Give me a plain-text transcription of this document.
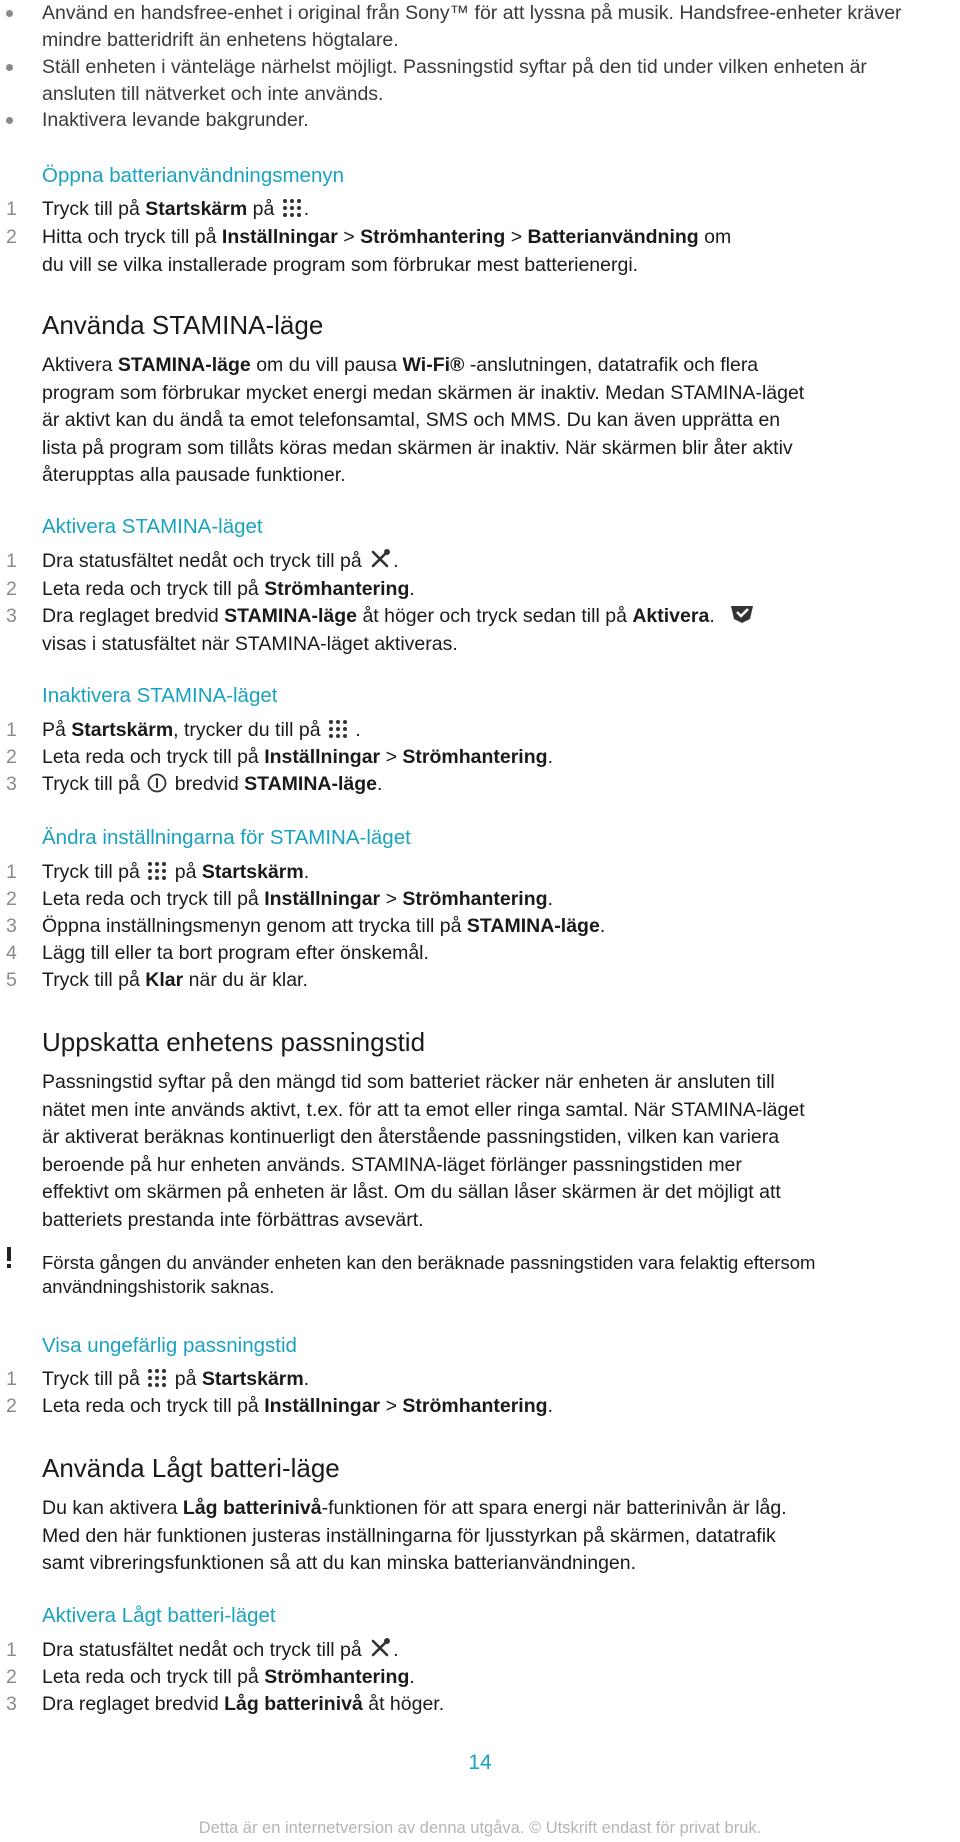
Använd en handsfree-enhet i original från Sony™ för att lyssna på musik. Handsfree-enheter kräver mindre batteridrift än enhetens högtalare.
Ställ enheten i vänteläge närhelst möjligt. Passningstid syftar på den tid under vilken enheten är ansluten till nätverket och inte används.
Inaktivera levande bakgrunder.
Öppna batterianvändningsmenyn
1 Tryck till på Startskärm på .
2 Hitta och tryck till på Inställningar > Strömhantering > Batterianvändning om
du vill se vilka installerade program som förbrukar mest batterienergi.
Använda STAMINA-läge
Aktivera STAMINA-läge om du vill pausa Wi-Fi® -anslutningen, datatrafik och flera
program som förbrukar mycket energi medan skärmen är inaktiv. Medan STAMINA-läget
är aktivt kan du ändå ta emot telefonsamtal, SMS och MMS. Du kan även upprätta en
lista på program som tillåts köras medan skärmen är inaktiv. När skärmen blir åter aktiv
återupptas alla pausade funktioner.
Aktivera STAMINA-läget
1 Dra statusfältet nedåt och tryck till på .
2 Leta reda och tryck till på Strömhantering.
3 Dra reglaget bredvid STAMINA-läge åt höger och tryck sedan till på Aktivera.
visas i statusfältet när STAMINA-läget aktiveras.
Inaktivera STAMINA-läget
1 På Startskärm, trycker du till på .
2 Leta reda och tryck till på Inställningar > Strömhantering.
3 Tryck till på bredvid STAMINA-läge.
Ändra inställningarna för STAMINA-läget
1 Tryck till på på Startskärm.
2 Leta reda och tryck till på Inställningar > Strömhantering.
3 Öppna inställningsmenyn genom att trycka till på STAMINA-läge.
4 Lägg till eller ta bort program efter önskemål.
5 Tryck till på Klar när du är klar.
Uppskatta enhetens passningstid
Passningstid syftar på den mängd tid som batteriet räcker när enheten är ansluten till
nätet men inte används aktivt, t.ex. för att ta emot eller ringa samtal. När STAMINA-läget
är aktiverat beräknas kontinuerligt den återstående passningstiden, vilken kan variera
beroende på hur enheten används. STAMINA-läget förlänger passningstiden mer
effektivt om skärmen på enheten är låst. Om du sällan låser skärmen är det möjligt att
batteriets prestanda inte förbättras avsevärt.
Första gången du använder enheten kan den beräknade passningstiden vara felaktig eftersom
användningshistorik saknas.
Visa ungefärlig passningstid
1 Tryck till på på Startskärm.
2 Leta reda och tryck till på Inställningar > Strömhantering.
Använda Lågt batteri-läge
Du kan aktivera Låg batterinivå-funktionen för att spara energi när batterinivån är låg.
Med den här funktionen justeras inställningarna för ljusstyrkan på skärmen, datatrafik
samt vibreringsfunktionen så att du kan minska batterianvändningen.
Aktivera Lågt batteri-läget
1 Dra statusfältet nedåt och tryck till på .
2 Leta reda och tryck till på Strömhantering.
3 Dra reglaget bredvid Låg batterinivå åt höger.
14
Detta är en internetversion av denna utgåva. © Utskrift endast för privat bruk.
